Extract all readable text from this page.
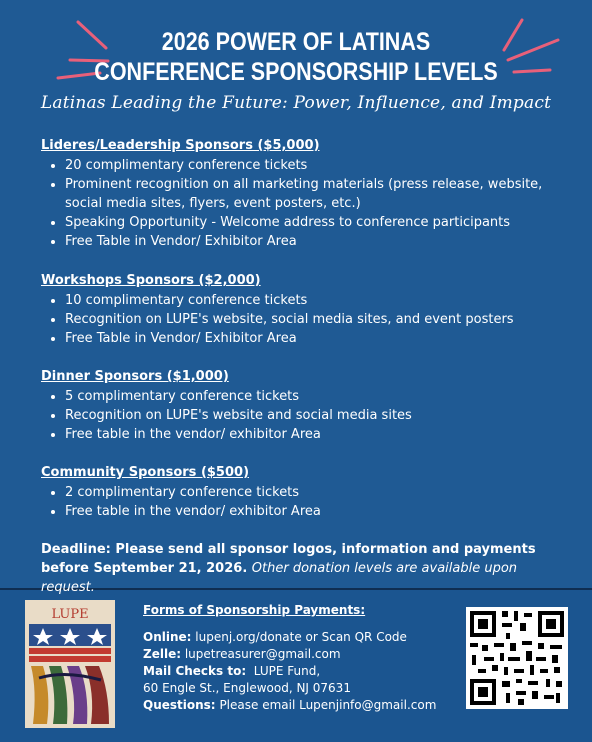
2026 POWER OF LATINAS
CONFERENCE SPONSORSHIP LEVELS
Latinas Leading the Future: Power, Influence, and Impact

Lideres/Leadership Sponsors ($5,000)

• 20 complimentary conference tickets
• Prominent recognition on all marketing materials (press release, website, social media sites, flyers, event posters, etc.)
• Speaking Opportunity - Welcome address to conference participants
• Free Table in Vendor/ Exhibitor Area

Workshops Sponsors ($2,000)

• 10 complimentary conference tickets
• Recognition on LUPE's website, social media sites, and event posters
• Free Table in Vendor/ Exhibitor Area

Dinner Sponsors ($1,000)

• 5 complimentary conference tickets
• Recognition on LUPE's website and social media sites
• Free table in the vendor/ exhibitor Area

Community Sponsors ($500)

• 2 complimentary conference tickets
• Free table in the vendor/ exhibitor Area
Deadline: Please send all sponsor logos, information and payments before September 21, 2026. Other donation levels are available upon request.
LUPE	Forms of Sponsorship Payments:
Online: lupenj.org/donate or Scan QR Code
Zelle: lupetreasurer@gmail.com
Mail Checks to: LUPE Fund,
60 Engle St., Englewood, NJ 07631
Questions: Please email Lupenjinfo@gmail.com
